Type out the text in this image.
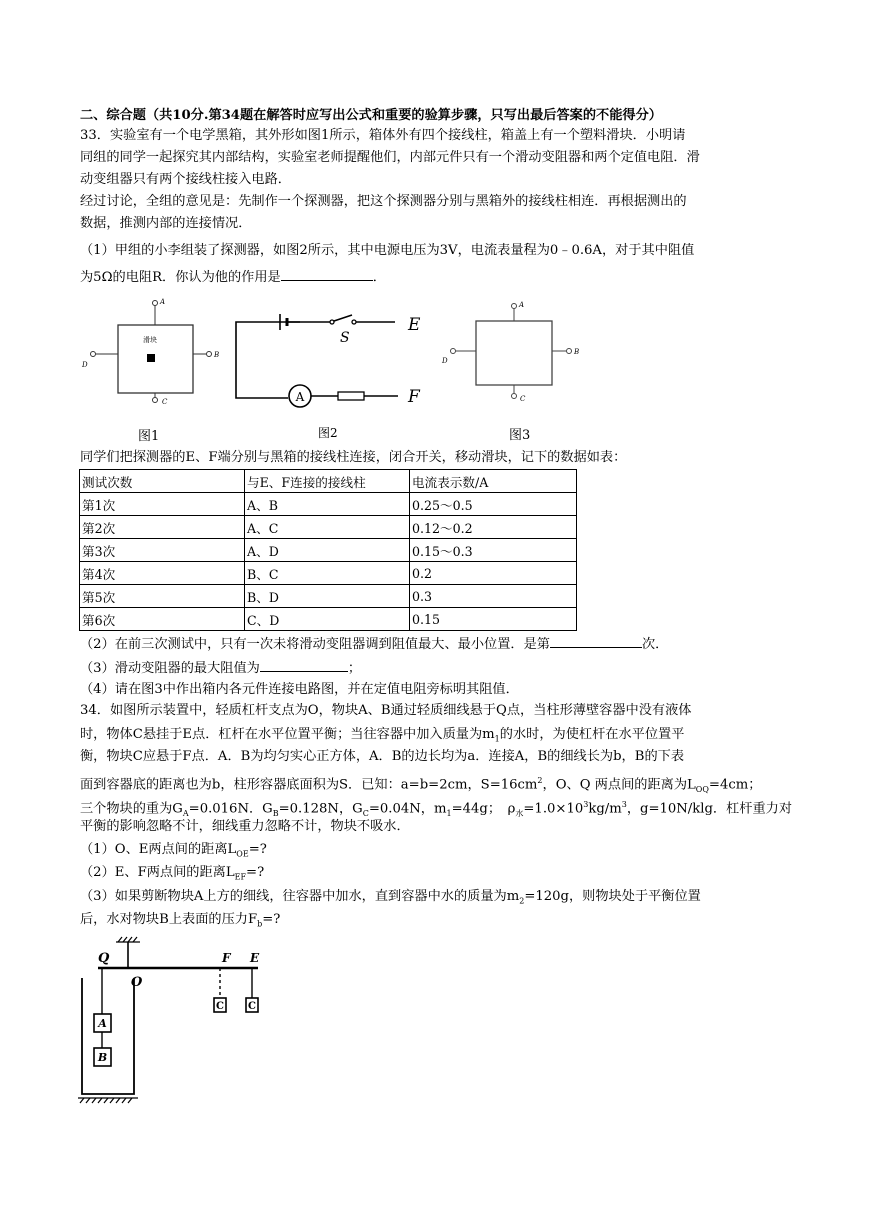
二、综合题（共10分.第34题在解答时应写出公式和重要的验算步骤，只写出最后答案的不能得分）
33．实验室有一个电学黑箱，其外形如图1所示，箱体外有四个接线柱，箱盖上有一个塑料滑块．小明请
同组的同学一起探究其内部结构，实验室老师提醒他们，内部元件只有一个滑动变阻器和两个定值电阻．滑
动变组器只有两个接线柱接入电路．
经过讨论，全组的意见是：先制作一个探测器，把这个探测器分别与黑箱外的接线柱相连．再根据测出的
数据，推测内部的连接情况．
（1）甲组的小李组装了探测器，如图2所示，其中电源电压为3V，电流表量程为0﹣0.6A，对于其中阻值
为5Ω的电阻R．你认为他的作用是	．
滑块
A
B
C
D
图1
S
E
A	F
图2
A
B
C
D
图3
同学们把探测器的E、F端分别与黑箱的接线柱连接，闭合开关，移动滑块，记下的数据如表：
测试次数	与E、F连接的接线柱	电流表示数/A
第1次	A、B	0.25～0.5
第2次	A、C	0.12～0.2
第3次	A、D	0.15～0.3
第4次	B、C	0.2
第5次	B、D	0.3
第6次	C、D	0.15
（2）在前三次测试中，只有一次未将滑动变阻器调到阻值最大、最小位置．是第	次．
（3）滑动变阻器的最大阻值为	；
（4）请在图3中作出箱内各元件连接电路图，并在定值电阻旁标明其阻值．
34．如图所示装置中，轻质杠杆支点为O，物块A、B通过轻质细线悬于Q点，当柱形薄壁容器中没有液体
时，物体C悬挂于E点．杠杆在水平位置平衡；当往容器中加入质量为$m_1$的水时，为使杠杆在水平位置平
衡，物块C应悬于F点．A．B为均匀实心正方体，A．B的边长均为a．连接A，B的细线长为b，B的下表
面到容器底的距离也为b，柱形容器底面积为S．已知：a=b=2cm，$S=16cm^2$，O、Q 两点间的距离为$L_{OQ}=4cm$；
三个物块的重为$G_A=0.016N$．$G_B=0.128N$，$G_C=0.04N$，$m_1=44g$；　$\rho_水=1.0\times 10^3kg/m^3$，g=10N/klg．杠杆重力对
平衡的影响忽略不计，细线重力忽略不计，物块不吸水．
（1）O、E两点间的距离$L_{OE}=$?
（2）E、F两点间的距离$L_{EF}=$?
（3）如果剪断物块A上方的细线，往容器中加水，直到容器中水的质量为$m_2=120g$，则物块处于平衡位置
后，水对物块B上表面的压力$F_b=$?
Q
O
F E
A
B
C C
